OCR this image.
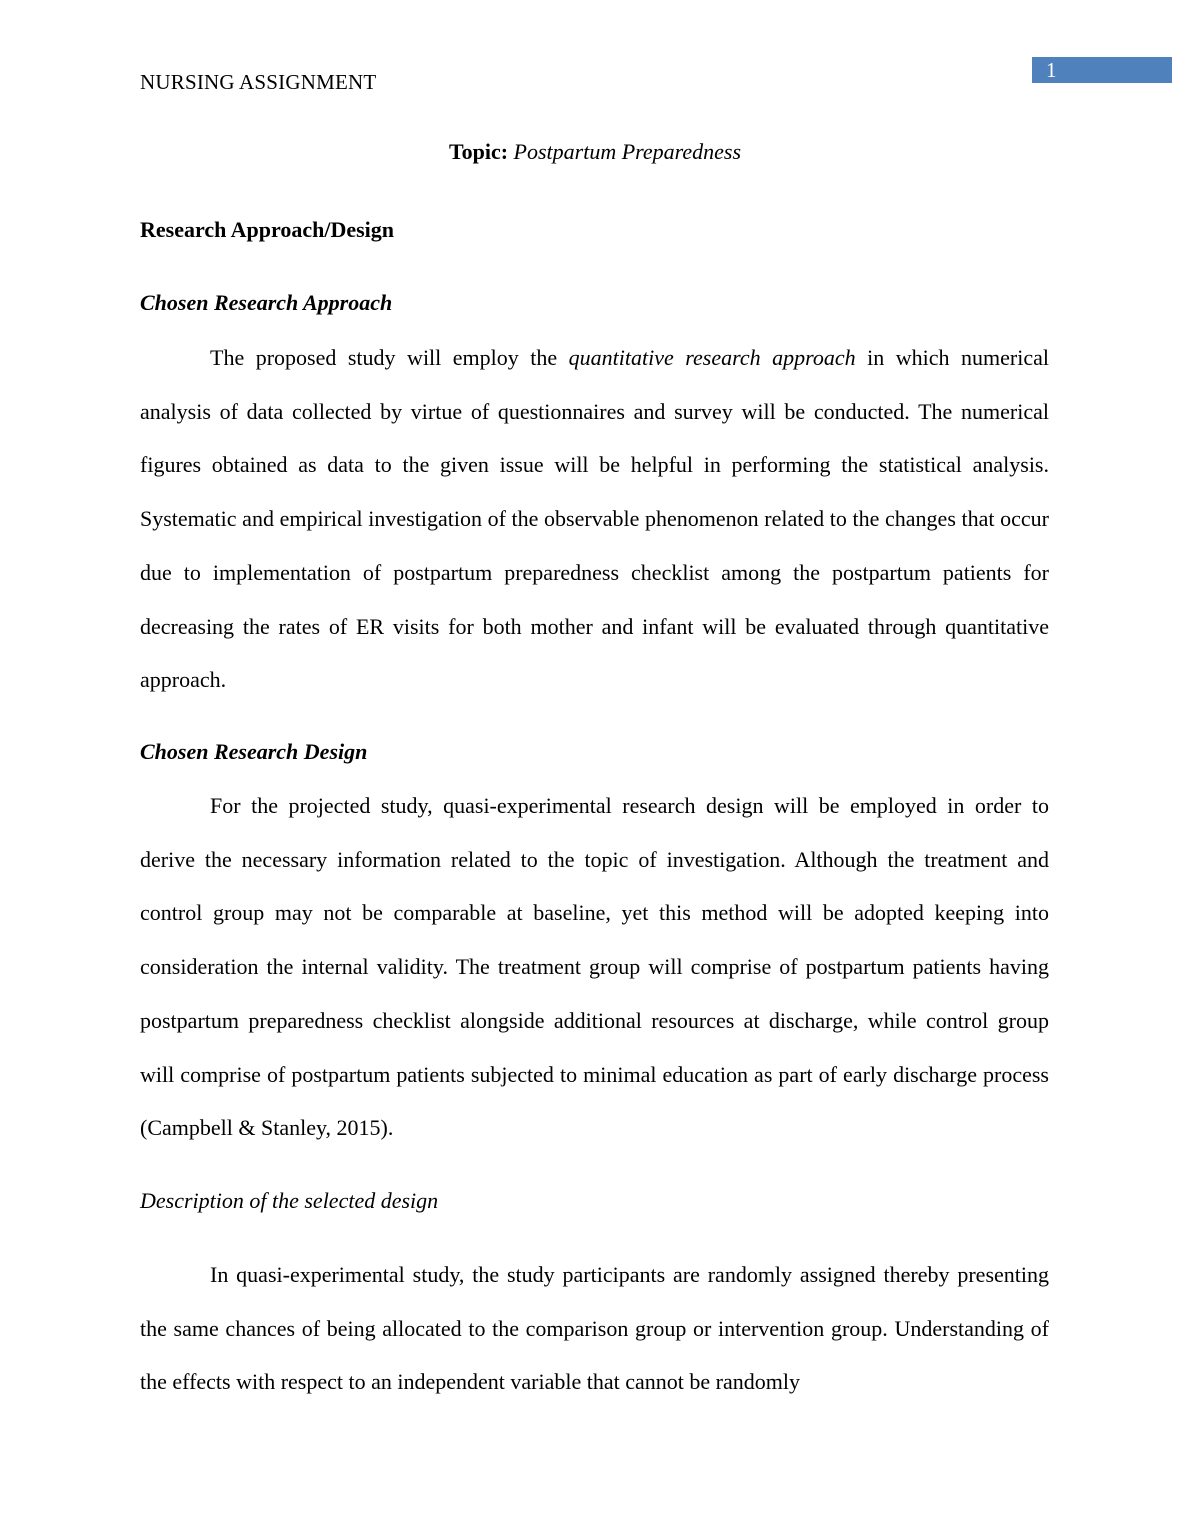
1
NURSING ASSIGNMENT
Topic: Postpartum Preparedness
Research Approach/Design
Chosen Research Approach

The proposed study will employ the quantitative research approach in which numerical analysis of data collected by virtue of questionnaires and survey will be conducted. The numerical figures obtained as data to the given issue will be helpful in performing the statistical analysis. Systematic and empirical investigation of the observable phenomenon related to the changes that occur due to implementation of postpartum preparedness checklist among the postpartum patients for decreasing the rates of ER visits for both mother and infant will be evaluated through quantitative approach.

Chosen Research Design

For the projected study, quasi-experimental research design will be employed in order to derive the necessary information related to the topic of investigation. Although the treatment and control group may not be comparable at baseline, yet this method will be adopted keeping into consideration the internal validity. The treatment group will comprise of postpartum patients having postpartum preparedness checklist alongside additional resources at discharge, while control group will comprise of postpartum patients subjected to minimal education as part of early discharge process (Campbell & Stanley, 2015).

Description of the selected design

In quasi-experimental study, the study participants are randomly assigned thereby presenting the same chances of being allocated to the comparison group or intervention group. Understanding of the effects with respect to an independent variable that cannot be randomly
